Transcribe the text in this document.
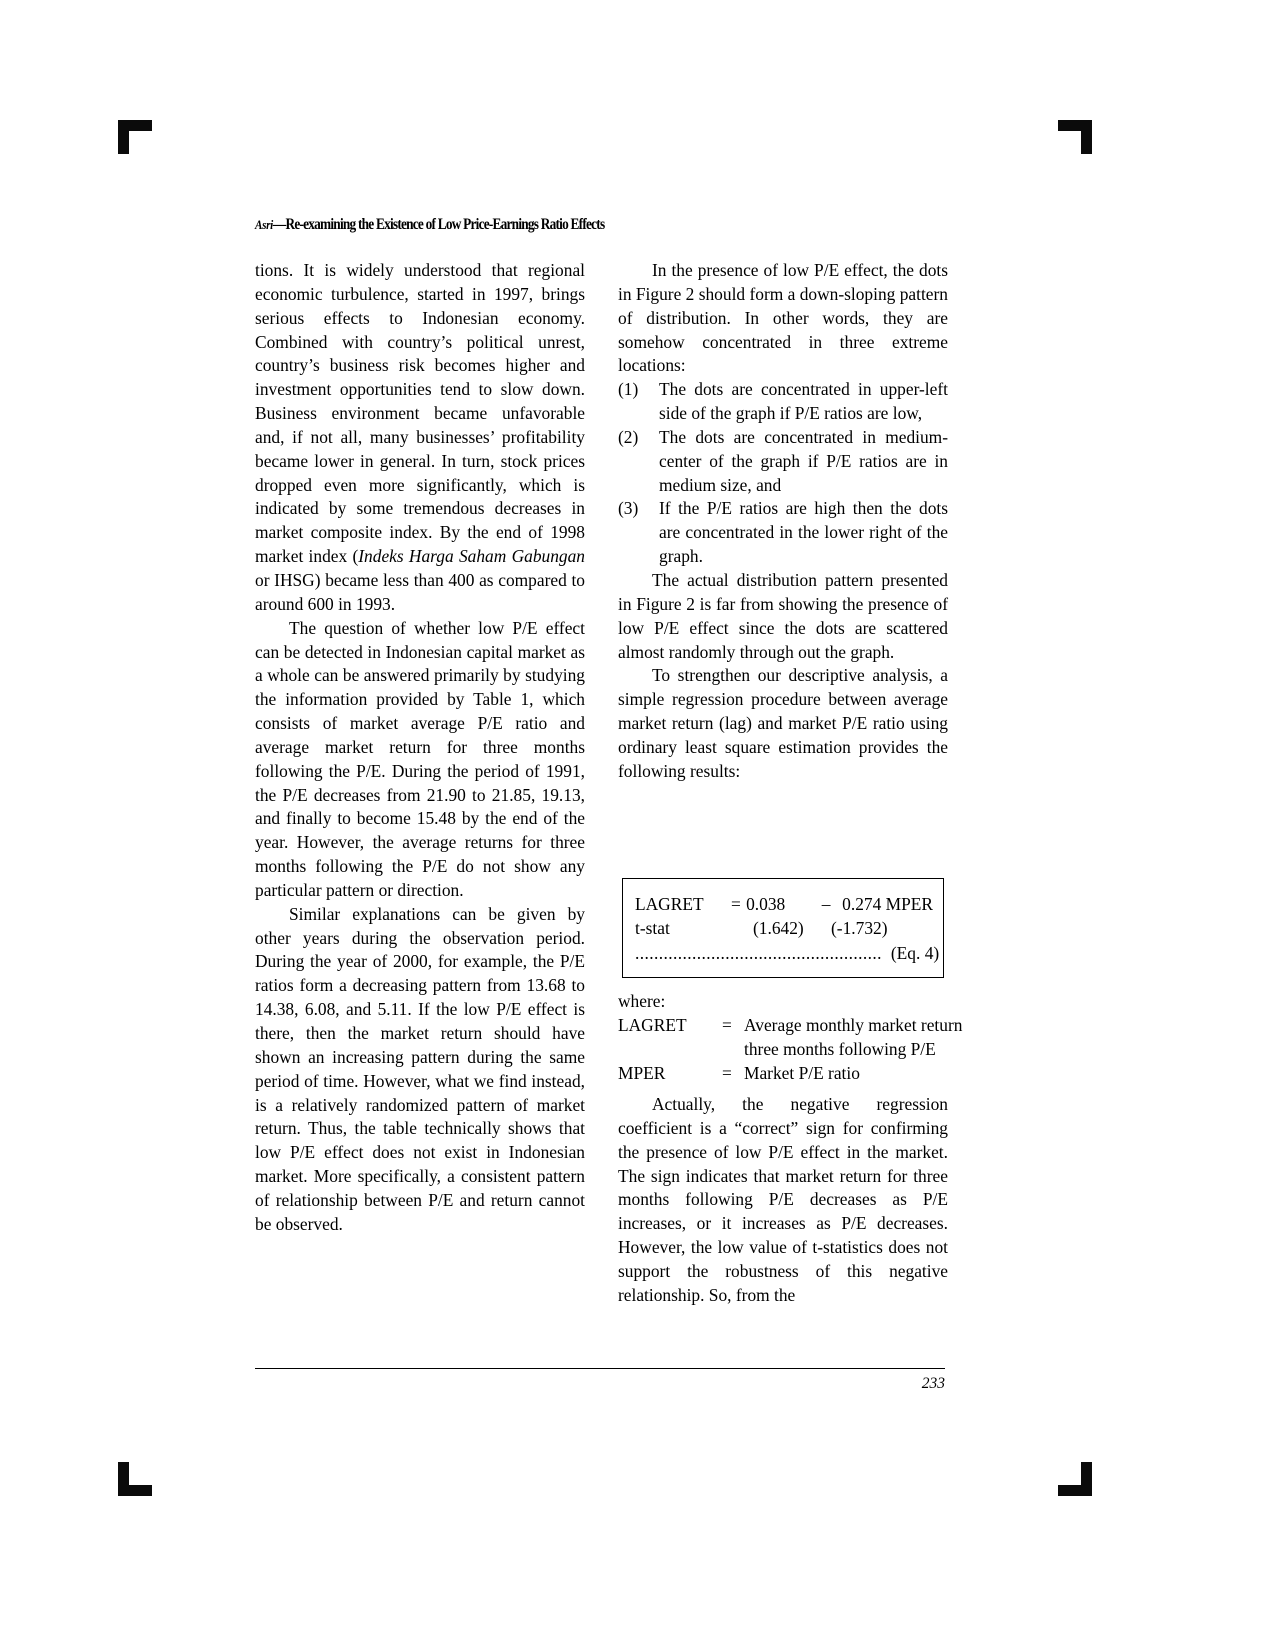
Asri—Re-examining the Existence of Low Price-Earnings Ratio Effects

tions. It is widely understood that regional economic turbulence, started in 1997, brings serious effects to Indonesian economy. Combined with country’s political unrest, country’s business risk becomes higher and investment opportunities tend to slow down. Business environment became unfavorable and, if not all, many businesses’ profitability became lower in general. In turn, stock prices dropped even more significantly, which is indicated by some tremendous decreases in market composite index. By the end of 1998 market index (Indeks Harga Saham Gabungan or IHSG) became less than 400 as compared to around 600 in 1993.

The question of whether low P/E effect can be detected in Indonesian capital market as a whole can be answered primarily by studying the information provided by Table 1, which consists of market average P/E ratio and average market return for three months following the P/E. During the period of 1991, the P/E decreases from 21.90 to 21.85, 19.13, and finally to become 15.48 by the end of the year. However, the average returns for three months following the P/E do not show any particular pattern or direction.

Similar explanations can be given by other years during the observation period. During the year of 2000, for example, the P/E ratios form a decreasing pattern from 13.68 to 14.38, 6.08, and 5.11. If the low P/E effect is there, then the market return should have shown an increasing pattern during the same period of time. However, what we find instead, is a relatively randomized pattern of market return. Thus, the table technically shows that low P/E effect does not exist in Indonesian market. More specifically, a consistent pattern of relationship between P/E and return cannot be observed.

In the presence of low P/E effect, the dots in Figure 2 should form a down-sloping pattern of distribution. In other words, they are somehow concentrated in three extreme locations:

(1)	The dots are concentrated in upper-left side of the graph if P/E ratios are low,
(2)	The dots are concentrated in medium-center of the graph if P/E ratios are in medium size, and
(3)	If the P/E ratios are high then the dots are concentrated in the lower right of the graph.

The actual distribution pattern presented in Figure 2 is far from showing the presence of low P/E effect since the dots are scattered almost randomly through out the graph.

To strengthen our descriptive analysis, a simple regression procedure between average market return (lag) and market P/E ratio using ordinary least square estimation provides the following results:

LAGRET	= 0.038	– 0.274 MPER
t-stat	(1.642)	(-1.732)
.................................................... (Eq. 4)
where:
LAGRET	= Average monthly market return three months following P/E
MPER	= Market P/E ratio

Actually, the negative regression coefficient is a “correct” sign for confirming the presence of low P/E effect in the market. The sign indicates that market return for three months following P/E decreases as P/E increases, or it increases as P/E decreases. However, the low value of t-statistics does not support the robustness of this negative relationship. So, from the

233
